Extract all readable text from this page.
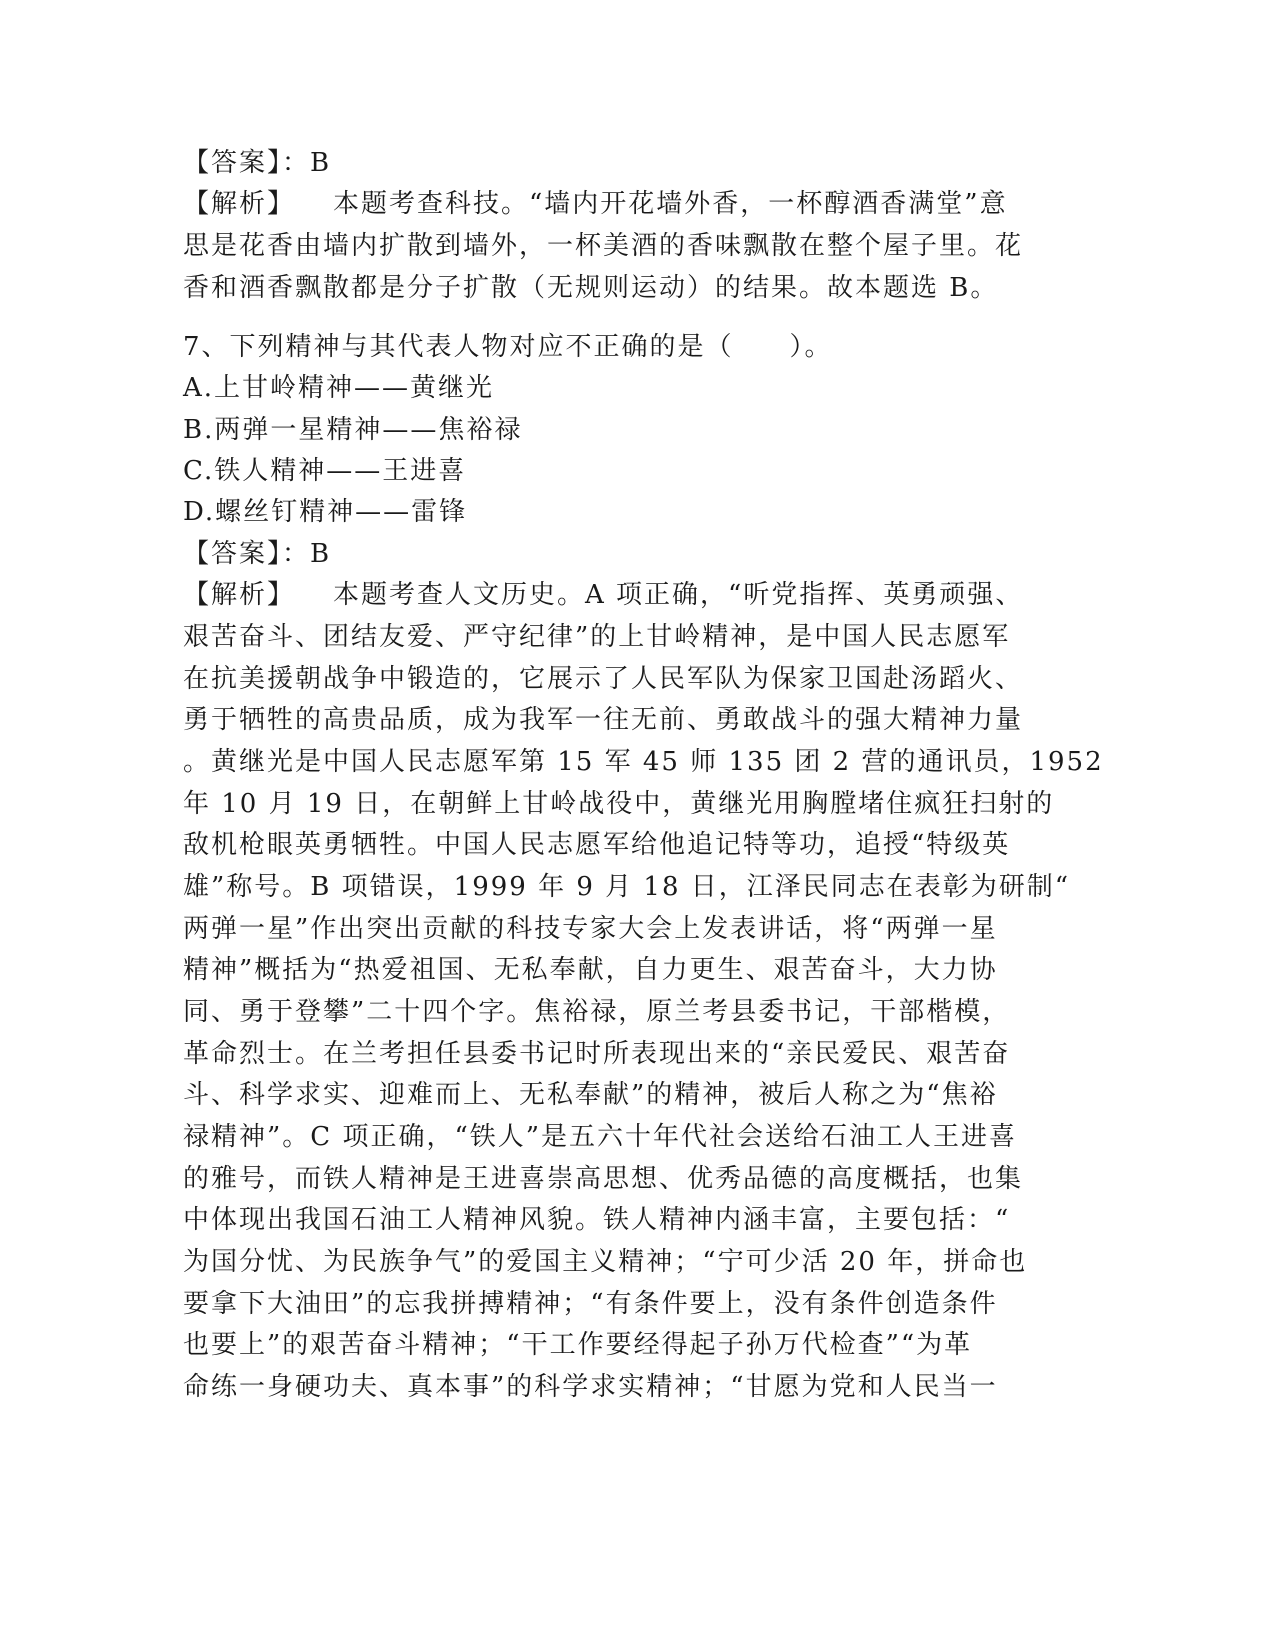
【答案】：B
【解析】 本题考查科技。“墙内开花墙外香，一杯醇酒香满堂”意
思是花香由墙内扩散到墙外，一杯美酒的香味飘散在整个屋子里。花
香和酒香飘散都是分子扩散（无规则运动）的结果。故本题选 B。
7、下列精神与其代表人物对应不正确的是（　　）。
A.上甘岭精神——黄继光
B.两弹一星精神——焦裕禄
C.铁人精神——王进喜
D.螺丝钉精神——雷锋
【答案】：B
【解析】 本题考查人文历史。A 项正确，“听党指挥、英勇顽强、
艰苦奋斗、团结友爱、严守纪律”的上甘岭精神，是中国人民志愿军
在抗美援朝战争中锻造的，它展示了人民军队为保家卫国赴汤蹈火、
勇于牺牲的高贵品质，成为我军一往无前、勇敢战斗的强大精神力量
。黄继光是中国人民志愿军第 15 军 45 师 135 团 2 营的通讯员，1952
年 10 月 19 日，在朝鲜上甘岭战役中，黄继光用胸膛堵住疯狂扫射的
敌机枪眼英勇牺牲。中国人民志愿军给他追记特等功，追授“特级英
雄”称号。B 项错误，1999 年 9 月 18 日，江泽民同志在表彰为研制“
两弹一星”作出突出贡献的科技专家大会上发表讲话，将“两弹一星
精神”概括为“热爱祖国、无私奉献，自力更生、艰苦奋斗，大力协
同、勇于登攀”二十四个字。焦裕禄，原兰考县委书记，干部楷模，
革命烈士。在兰考担任县委书记时所表现出来的“亲民爱民、艰苦奋
斗、科学求实、迎难而上、无私奉献”的精神，被后人称之为“焦裕
禄精神”。C 项正确，“铁人”是五六十年代社会送给石油工人王进喜
的雅号，而铁人精神是王进喜崇高思想、优秀品德的高度概括，也集
中体现出我国石油工人精神风貌。铁人精神内涵丰富，主要包括：“
为国分忧、为民族争气”的爱国主义精神；“宁可少活 20 年，拼命也
要拿下大油田”的忘我拼搏精神；“有条件要上，没有条件创造条件
也要上”的艰苦奋斗精神；“干工作要经得起子孙万代检查”“为革
命练一身硬功夫、真本事”的科学求实精神；“甘愿为党和人民当一
